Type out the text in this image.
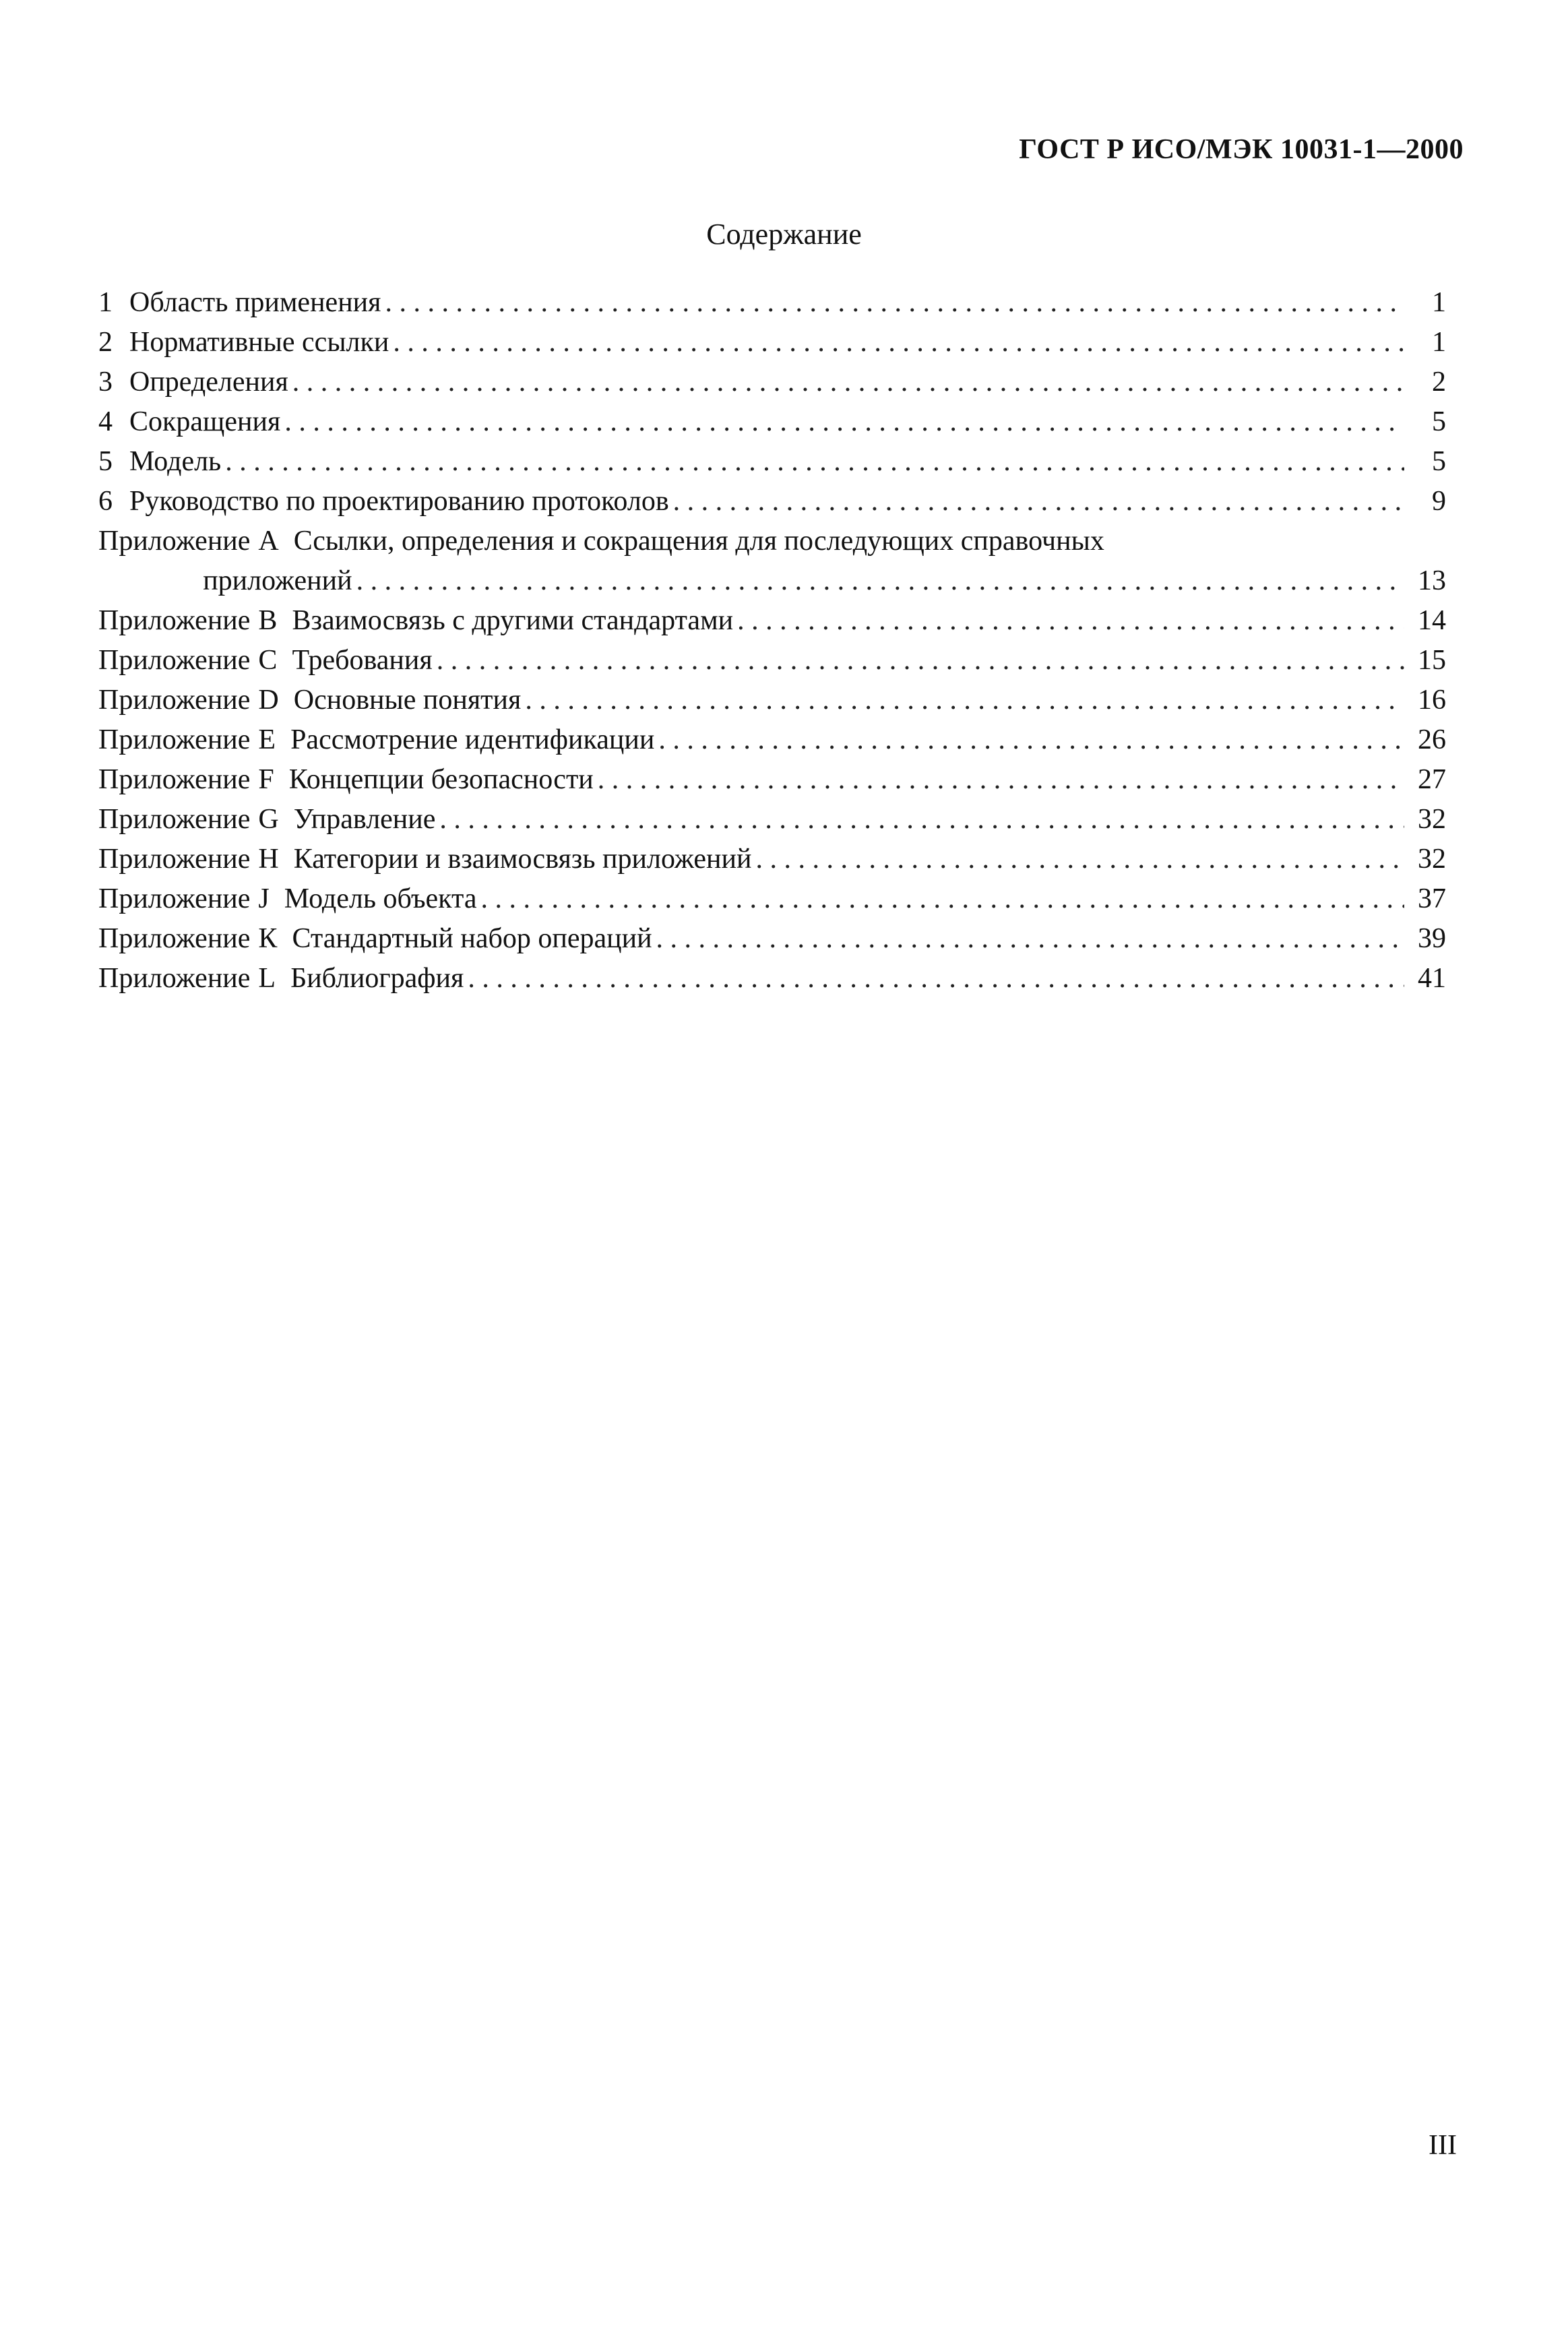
ГОСТ Р ИСО/МЭК 10031-1—2000
Содержание
1 Область применения . . .	1
2 Нормативные ссылки . . .	1
3 Определения . . .	2
4 Сокращения . . .	5
5 Модель . . .	5
6 Руководство по проектированию протоколов . . .	9
Приложение А Ссылки, определения и сокращения для последующих справочных
приложений . . .	13
Приложение В Взаимосвязь с другими стандартами . . .	14
Приложение С Требования . . .	15
Приложение D Основные понятия . . .	16
Приложение Е Рассмотрение идентификации . . .	26
Приложение F Концепции безопасности . . .	27
Приложение G Управление . . .	32
Приложение Н Категории и взаимосвязь приложений . . .	32
Приложение J Модель объекта . . .	37
Приложение К Стандартный набор операций . . .	39
Приложение L Библиография . . .	41
III
